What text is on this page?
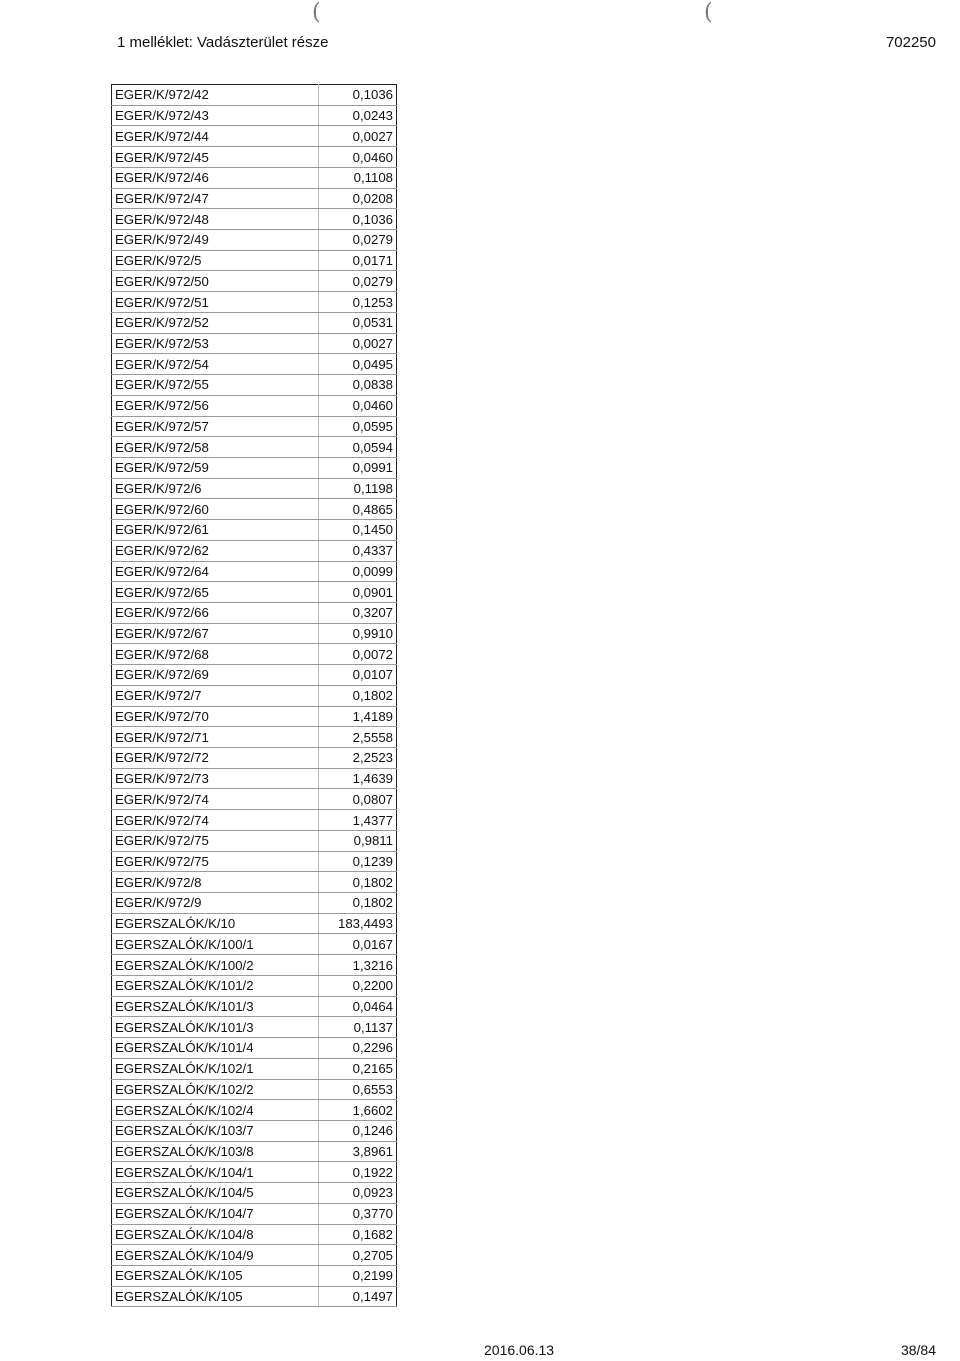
1 melléklet: Vadászterület része	702250
(	(
EGER/K/972/42	0,1036
EGER/K/972/43	0,0243
EGER/K/972/44	0,0027
EGER/K/972/45	0,0460
EGER/K/972/46	0,1108
EGER/K/972/47	0,0208
EGER/K/972/48	0,1036
EGER/K/972/49	0,0279
EGER/K/972/5	0,0171
EGER/K/972/50	0,0279
EGER/K/972/51	0,1253
EGER/K/972/52	0,0531
EGER/K/972/53	0,0027
EGER/K/972/54	0,0495
EGER/K/972/55	0,0838
EGER/K/972/56	0,0460
EGER/K/972/57	0,0595
EGER/K/972/58	0,0594
EGER/K/972/59	0,0991
EGER/K/972/6	0,1198
EGER/K/972/60	0,4865
EGER/K/972/61	0,1450
EGER/K/972/62	0,4337
EGER/K/972/64	0,0099
EGER/K/972/65	0,0901
EGER/K/972/66	0,3207
EGER/K/972/67	0,9910
EGER/K/972/68	0,0072
EGER/K/972/69	0,0107
EGER/K/972/7	0,1802
EGER/K/972/70	1,4189
EGER/K/972/71	2,5558
EGER/K/972/72	2,2523
EGER/K/972/73	1,4639
EGER/K/972/74	0,0807
EGER/K/972/74	1,4377
EGER/K/972/75	0,9811
EGER/K/972/75	0,1239
EGER/K/972/8	0,1802
EGER/K/972/9	0,1802
EGERSZALÓK/K/10	183,4493
EGERSZALÓK/K/100/1	0,0167
EGERSZALÓK/K/100/2	1,3216
EGERSZALÓK/K/101/2	0,2200
EGERSZALÓK/K/101/3	0,0464
EGERSZALÓK/K/101/3	0,1137
EGERSZALÓK/K/101/4	0,2296
EGERSZALÓK/K/102/1	0,2165
EGERSZALÓK/K/102/2	0,6553
EGERSZALÓK/K/102/4	1,6602
EGERSZALÓK/K/103/7	0,1246
EGERSZALÓK/K/103/8	3,8961
EGERSZALÓK/K/104/1	0,1922
EGERSZALÓK/K/104/5	0,0923
EGERSZALÓK/K/104/7	0,3770
EGERSZALÓK/K/104/8	0,1682
EGERSZALÓK/K/104/9	0,2705
EGERSZALÓK/K/105	0,2199
EGERSZALÓK/K/105	0,1497
2016.06.13	38/84
